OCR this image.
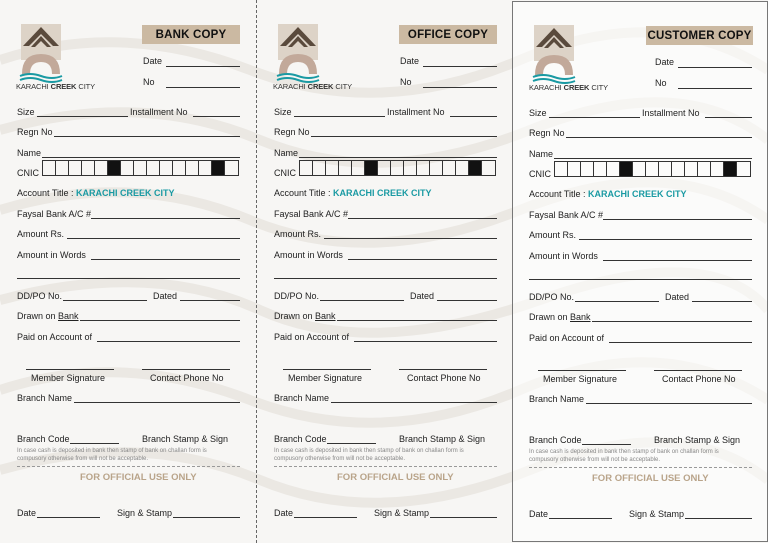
BANK COPY
KARACHI CREEK CITY
Date
No
Size	Installment No
Regn No
Name
CNIC
Account Title : KARACHI CREEK CITY
Faysal Bank A/C #
Amount Rs.
Amount in Words
DD/PO No.	Dated
Drawn on Bank
Paid on Account of
Member Signature	Contact Phone No
Branch Name
Branch Code	Branch Stamp & Sign
In case cash is deposited in bank then stamp of bank on challan form is
compusory otherwise from will not be acceptable.
FOR OFFICIAL USE ONLY
Date	Sign & Stamp
OFFICE COPY
KARACHI CREEK CITY
Date
No
Size	Installment No
Regn No
Name
CNIC
Account Title : KARACHI CREEK CITY
Faysal Bank A/C #
Amount Rs.
Amount in Words
DD/PO No.	Dated
Drawn on Bank
Paid on Account of
Member Signature	Contact Phone No
Branch Name
Branch Code	Branch Stamp & Sign
In case cash is deposited in bank then stamp of bank on challan form is
compusory otherwise from will not be acceptable.
FOR OFFICIAL USE ONLY
Date	Sign & Stamp
CUSTOMER COPY
KARACHI CREEK CITY
Date
No
Size	Installment No
Regn No
Name
CNIC
Account Title : KARACHI CREEK CITY
Faysal Bank A/C #
Amount Rs.
Amount in Words
DD/PO No.	Dated
Drawn on Bank
Paid on Account of
Member Signature	Contact Phone No
Branch Name
Branch Code	Branch Stamp & Sign
In case cash is deposited in bank then stamp of bank on challan form is
compusory otherwise from will not be acceptable.
FOR OFFICIAL USE ONLY
Date	Sign & Stamp
